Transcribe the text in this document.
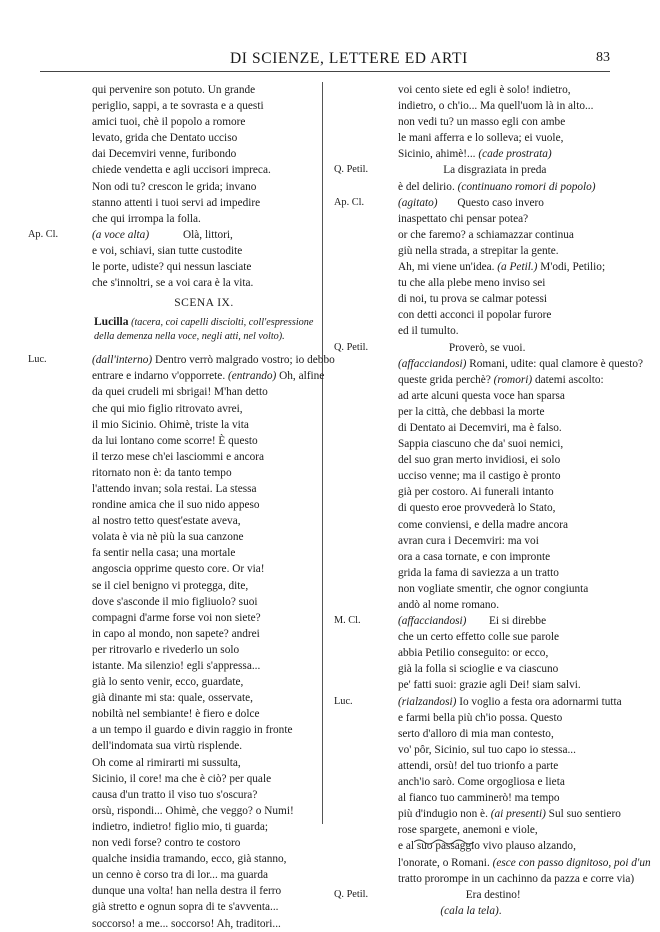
DI SCIENZE, LETTERE ED ARTI	83
qui pervenire son potuto. Un grande
periglio, sappi, a te sovrasta e a questi
amici tuoi, chè il popolo a romore
levato, grida che Dentato ucciso
dai Decemviri venne, furibondo
chiede vendetta e agli uccisori impreca.
Non odi tu? crescon le grida; invano
stanno attenti i tuoi servi ad impedire
che qui irrompa la folla.
Ap. Cl.	(a voce alta)            Olà, littori,
e voi, schiavi, sian tutte custodite
le porte, udiste? qui nessun lasciate
che s'innoltri, se a voi cara è la vita.
SCENA IX.
Lucilla (tacera, coi capelli disciolti, coll'espressione
della demenza nella voce, negli atti, nel volto).
Luc.	(dall'interno) Dentro verrò malgrado vostro; io debbo
entrare e indarno v'opporrete. (entrando) Oh, alfine
da quei crudeli mi sbrigai! M'han detto
che qui mio figlio ritrovato avrei,
il mio Sicinio. Ohimè, triste la vita
da lui lontano come scorre! È questo
il terzo mese ch'ei lasciommi e ancora
ritornato non è: da tanto tempo
l'attendo invan; sola restai. La stessa
rondine amica che il suo nido appeso
al nostro tetto quest'estate aveva,
volata è via nè più la sua canzone
fa sentir nella casa; una mortale
angoscia opprime questo core. Or via!
se il ciel benigno vi protegga, dite,
dove s'asconde il mio figliuolo? suoi
compagni d'arme forse voi non siete?
in capo al mondo, non sapete? andrei
per ritrovarlo e rivederlo un solo
istante. Ma silenzio! egli s'appressa...
già lo sento venir, ecco, guardate,
già dinante mi sta: quale, osservate,
nobiltà nel sembiante! è fiero e dolce
a un tempo il guardo e divin raggio in fronte
dell'indomata sua virtù risplende.
Oh come al rimirarti mi sussulta,
Sicinio, il core! ma che è ciò? per quale
causa d'un tratto il viso tuo s'oscura?
orsù, rispondi... Ohimè, che veggo? o Numi!
indietro, indietro! figlio mio, ti guarda;
non vedi forse? contro te costoro
qualche insidia tramando, ecco, già stanno,
un cenno è corso tra di lor... ma guarda
dunque una volta! han nella destra il ferro
già stretto e ognun sopra di te s'avventa...
soccorso! a me... soccorso! Ah, traditori...
voi cento siete ed egli è solo! indietro,
indietro, o ch'io... Ma quell'uom là in alto...
non vedi tu? un masso egli con ambe
le mani afferra e lo solleva; ei vuole,
Sicinio, ahimè!... (cade prostrata)
Q. Petil.	La disgraziata in preda
è del delirio. (continuano romori di popolo)
Ap. Cl.	(agitato)       Questo caso invero
inaspettato chi pensar potea?
or che faremo? a schiamazzar continua
giù nella strada, a strepitar la gente.
Ah, mi viene un'idea. (a Petil.) M'odi, Petilio;
tu che alla plebe meno inviso sei
di noi, tu prova se calmar potessi
con detti acconci il popolar furore
ed il tumulto.
Q. Petil.	Proverò, se vuoi.
(affacciandosi) Romani, udite: qual clamore è questo?
queste grida perchè? (romori) datemi ascolto:
ad arte alcuni questa voce han sparsa
per la città, che debbasi la morte
di Dentato ai Decemviri, ma è falso.
Sappia ciascuno che da' suoi nemici,
del suo gran merto invidiosi, ei solo
ucciso venne; ma il castigo è pronto
già per costoro. Ai funerali intanto
di questo eroe provvederà lo Stato,
come conviensi, e della madre ancora
avran cura i Decemviri: ma voi
ora a casa tornate, e con impronte
grida la fama di saviezza a un tratto
non vogliate smentir, che ognor congiunta
andò al nome romano.
M. Cl.	(affacciandosi)        Ei si direbbe
che un certo effetto colle sue parole
abbia Petilio conseguito: or ecco,
già la folla si scioglie e va ciascuno
pe' fatti suoi: grazie agli Dei! siam salvi.
Luc.	(rialzandosi) Io voglio a festa ora adornarmi tutta
e farmi bella più ch'io possa. Questo
serto d'alloro di mia man contesto,
vo' pôr, Sicinio, sul tuo capo io stessa...
attendi, orsù! del tuo trionfo a parte
anch'io sarò. Come orgogliosa e lieta
al fianco tuo camminerò! ma tempo
più d'indugio non è. (ai presenti) Sul suo sentiero
rose spargete, anemoni e viole,
e al suo passaggio vivo plauso alzando,
l'onorate, o Romani. (esce con passo dignitoso, poi d'un
tratto prorompe in un cachinno da pazza e corre via)
Q. Petil.	Era destino!
(cala la tela).
